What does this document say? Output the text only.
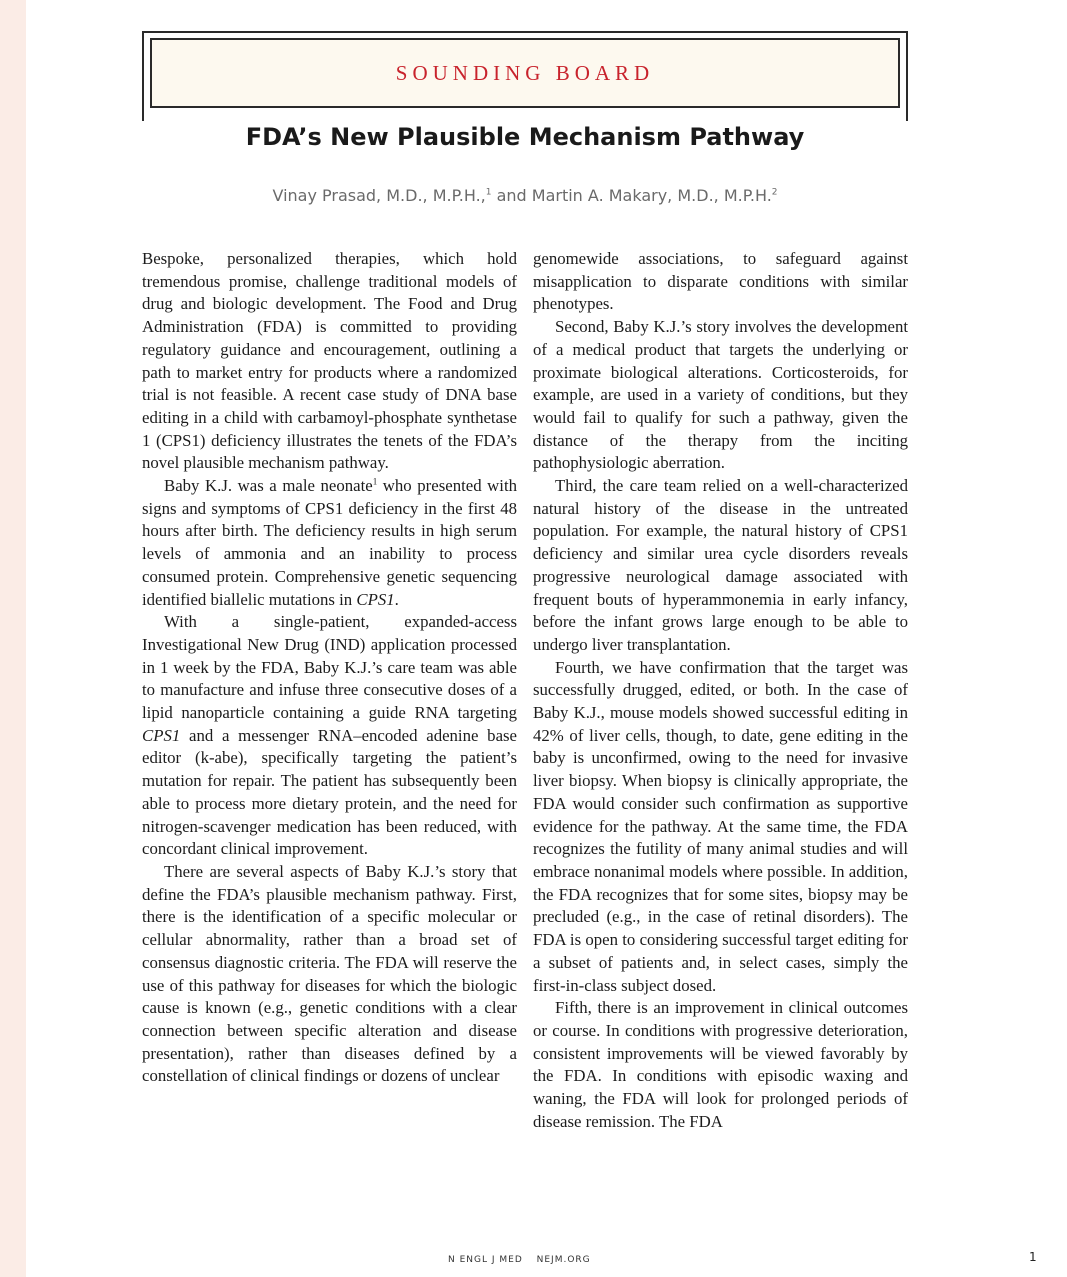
SOUNDING BOARD
FDA’s New Plausible Mechanism Pathway
Vinay Prasad, M.D., M.P.H.,$^1$ and Martin A. Makary, M.D., M.P.H.$^2$

Bespoke, personalized therapies, which hold tremendous promise, challenge traditional models of drug and biologic development. The Food and Drug Administration (FDA) is committed to providing regulatory guidance and encouragement, outlining a path to market entry for products where a randomized trial is not feasible. A recent case study of DNA base editing in a child with carbamoyl-phosphate synthetase 1 (CPS1) deficiency illustrates the tenets of the FDA’s novel plausible mechanism pathway.

Baby K.J. was a male neonate$^1$ who presented with signs and symptoms of CPS1 deficiency in the first 48 hours after birth. The deficiency results in high serum levels of ammonia and an inability to process consumed protein. Comprehensive genetic sequencing identified biallelic mutations in CPS1.

With a single-patient, expanded-access Investigational New Drug (IND) application processed in 1 week by the FDA, Baby K.J.’s care team was able to manufacture and infuse three consecutive doses of a lipid nanoparticle containing a guide RNA targeting CPS1 and a messenger RNA–encoded adenine base editor (k-abe), specifically targeting the patient’s mutation for repair. The patient has subsequently been able to process more dietary protein, and the need for nitrogen-scavenger medication has been reduced, with concordant clinical improvement.

There are several aspects of Baby K.J.’s story that define the FDA’s plausible mechanism pathway. First, there is the identification of a specific molecular or cellular abnormality, rather than a broad set of consensus diagnostic criteria. The FDA will reserve the use of this pathway for diseases for which the biologic cause is known (e.g., genetic conditions with a clear connection between specific alteration and disease presentation), rather than diseases defined by a constellation of clinical findings or dozens of unclear

genomewide associations, to safeguard against misapplication to disparate conditions with similar phenotypes.

Second, Baby K.J.’s story involves the development of a medical product that targets the underlying or proximate biological alterations. Corticosteroids, for example, are used in a variety of conditions, but they would fail to qualify for such a pathway, given the distance of the therapy from the inciting pathophysiologic aberration.

Third, the care team relied on a well-characterized natural history of the disease in the untreated population. For example, the natural history of CPS1 deficiency and similar urea cycle disorders reveals progressive neurological damage associated with frequent bouts of hyperammonemia in early infancy, before the infant grows large enough to be able to undergo liver transplantation.

Fourth, we have confirmation that the target was successfully drugged, edited, or both. In the case of Baby K.J., mouse models showed successful editing in 42% of liver cells, though, to date, gene editing in the baby is unconfirmed, owing to the need for invasive liver biopsy. When biopsy is clinically appropriate, the FDA would consider such confirmation as supportive evidence for the pathway. At the same time, the FDA recognizes the futility of many animal studies and will embrace nonanimal models where possible. In addition, the FDA recognizes that for some sites, biopsy may be precluded (e.g., in the case of retinal disorders). The FDA is open to considering successful target editing for a subset of patients and, in select cases, simply the first-in-class subject dosed.

Fifth, there is an improvement in clinical outcomes or course. In conditions with progressive deterioration, consistent improvements will be viewed favorably by the FDA. In conditions with episodic waxing and waning, the FDA will look for prolonged periods of disease remission. The FDA

N ENGL J MED NEJM.ORG	1
